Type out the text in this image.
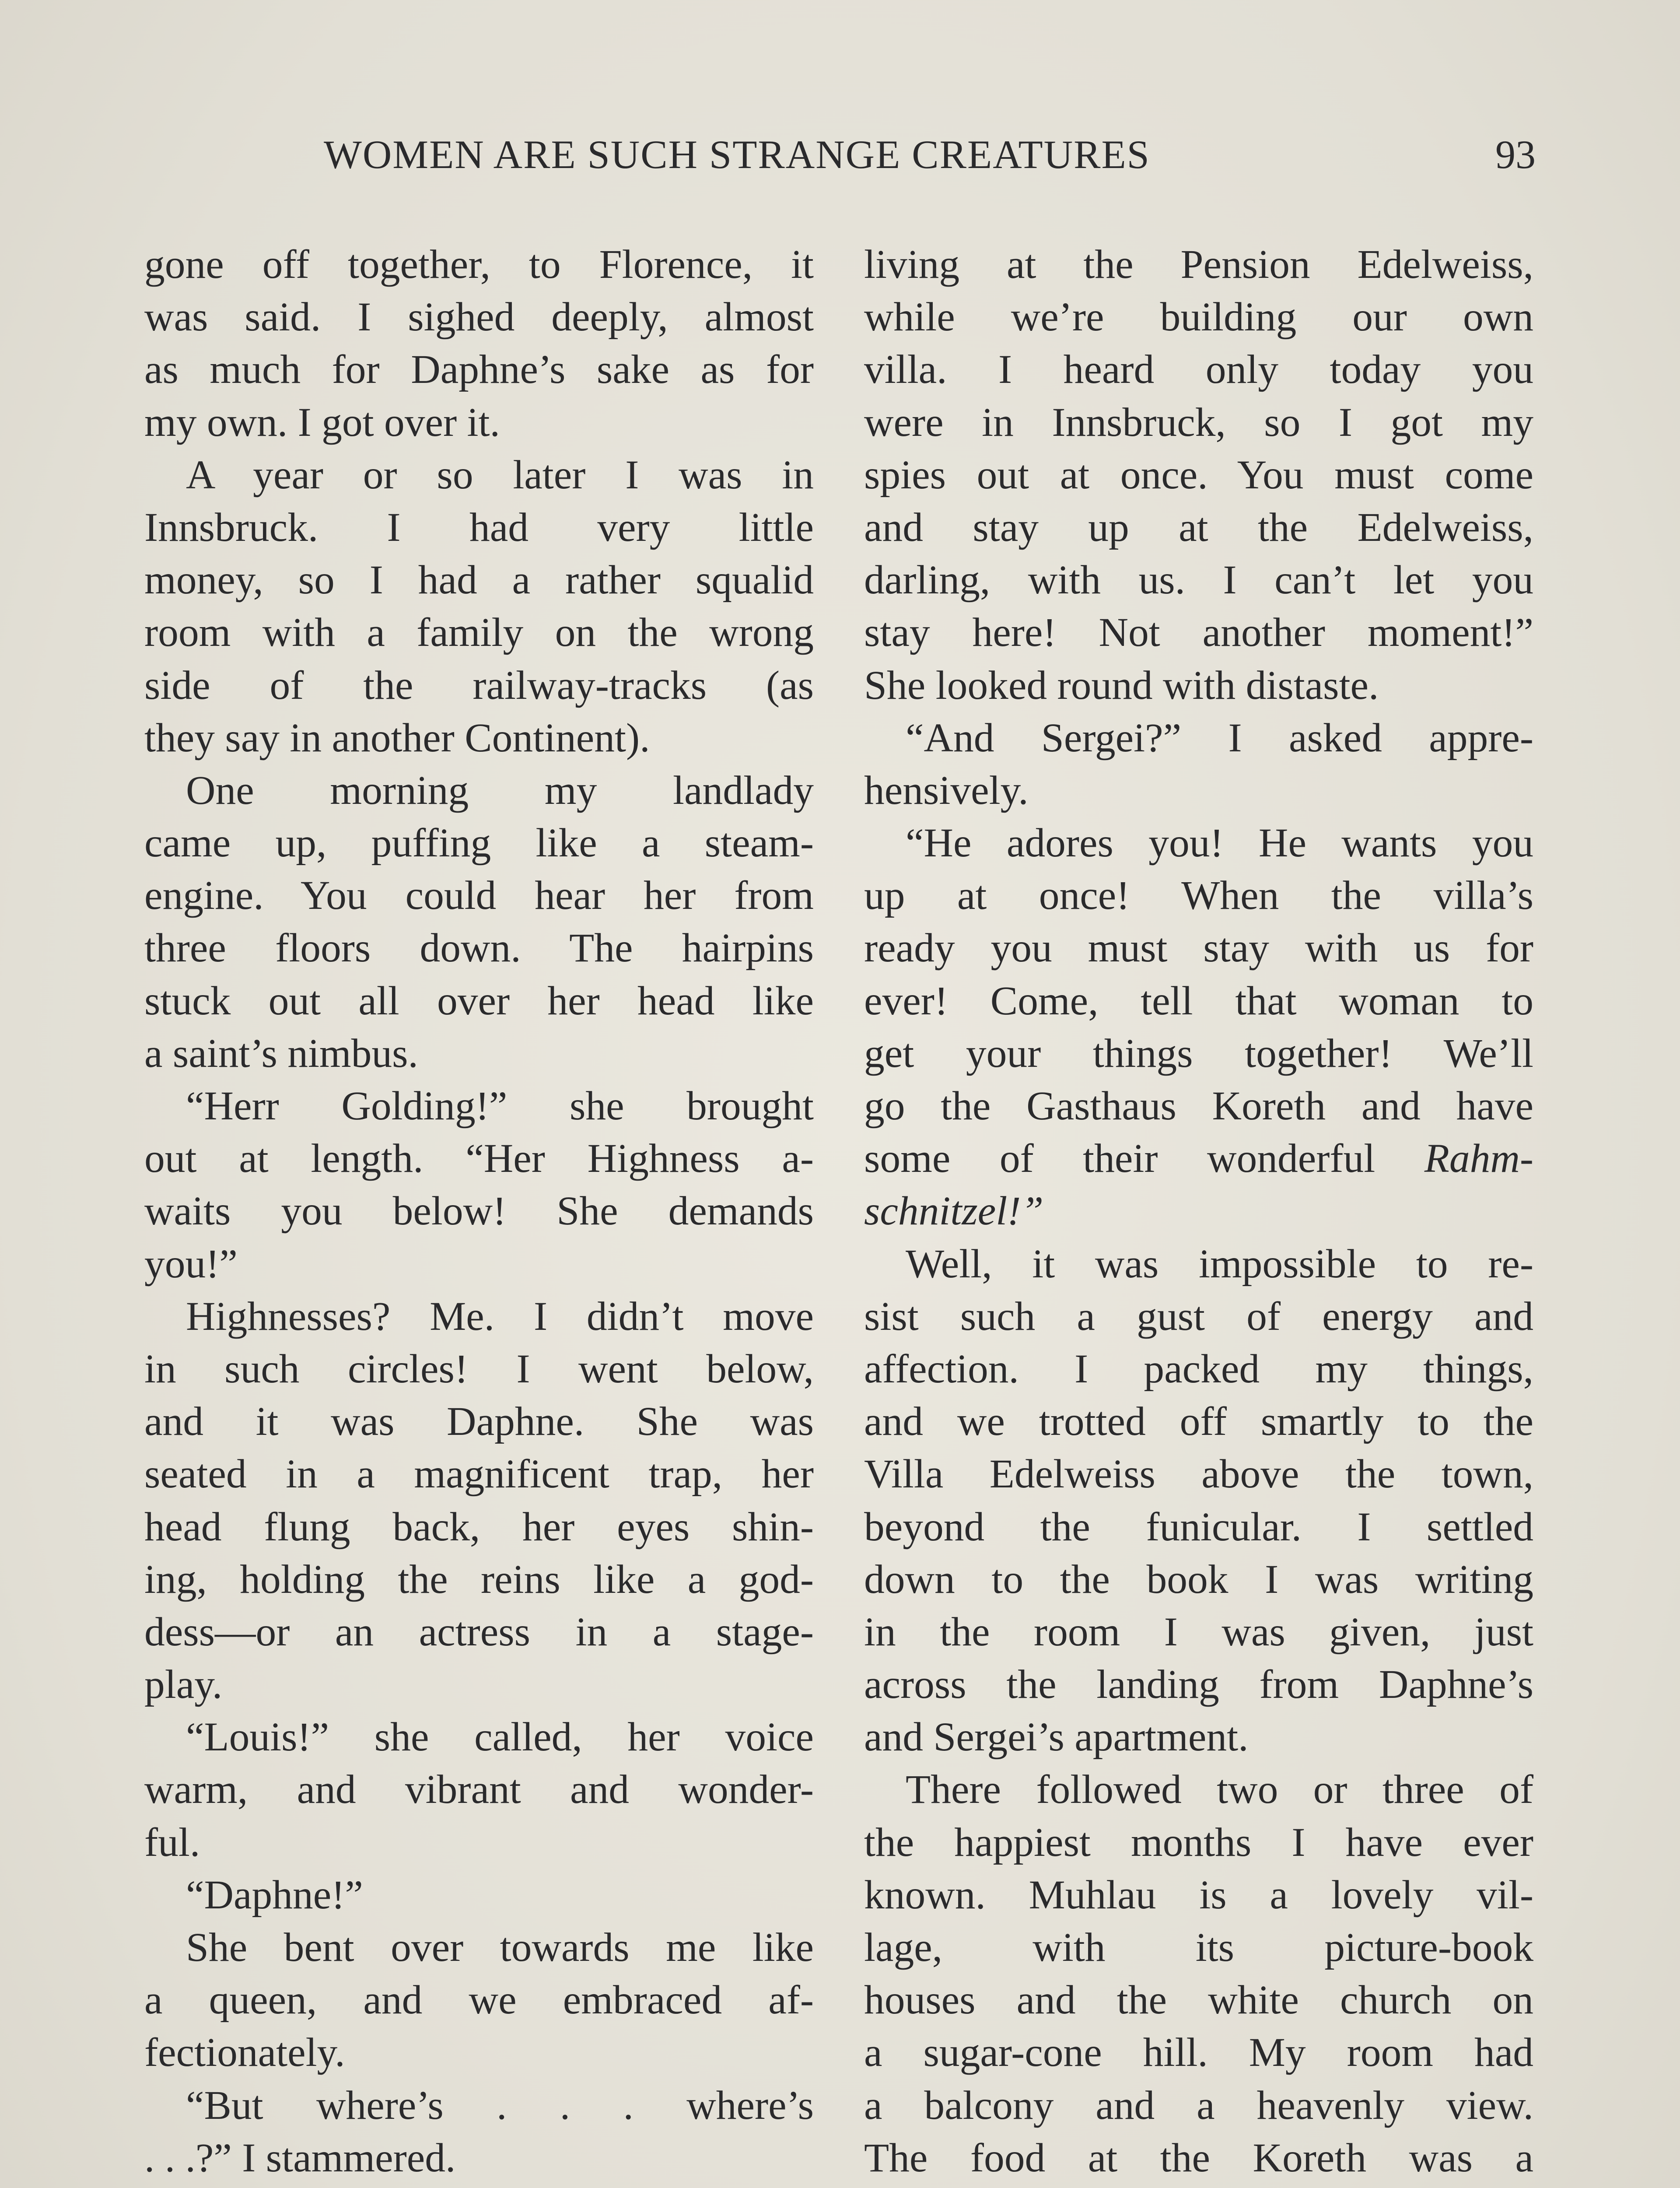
WOMEN ARE SUCH STRANGE CREATURES	93
gone off together, to Florence, it
was said. I sighed deeply, almost
as much for Daphne’s sake as for
my own. I got over it.
A year or so later I was in
Innsbruck. I had very little
money, so I had a rather squalid
room with a family on the wrong
side of the railway-tracks (as
they say in another Continent).
One morning my landlady
came up, puffing like a steam-
engine. You could hear her from
three floors down. The hairpins
stuck out all over her head like
a saint’s nimbus.
“Herr Golding!” she brought
out at length. “Her Highness a-
waits you below! She demands
you!”
Highnesses? Me. I didn’t move
in such circles! I went below,
and it was Daphne. She was
seated in a magnificent trap, her
head flung back, her eyes shin-
ing, holding the reins like a god-
dess—or an actress in a stage-
play.
“Louis!” she called, her voice
warm, and vibrant and wonder-
ful.
“Daphne!”
She bent over towards me like
a queen, and we embraced af-
fectionately.
“But where’s . . . where’s
. . .?” I stammered.
living at the Pension Edelweiss,
while we’re building our own
villa. I heard only today you
were in Innsbruck, so I got my
spies out at once. You must come
and stay up at the Edelweiss,
darling, with us. I can’t let you
stay here! Not another moment!”
She looked round with distaste.
“And Sergei?” I asked appre-
hensively.
“He adores you! He wants you
up at once! When the villa’s
ready you must stay with us for
ever! Come, tell that woman to
get your things together! We’ll
go the Gasthaus Koreth and have
some of their wonderful Rahm-
schnitzel!”
Well, it was impossible to re-
sist such a gust of energy and
affection. I packed my things,
and we trotted off smartly to the
Villa Edelweiss above the town,
beyond the funicular. I settled
down to the book I was writing
in the room I was given, just
across the landing from Daphne’s
and Sergei’s apartment.
There followed two or three of
the happiest months I have ever
known. Muhlau is a lovely vil-
lage, with its picture-book
houses and the white church on
a sugar-cone hill. My room had
a balcony and a heavenly view.
The food at the Koreth was a
